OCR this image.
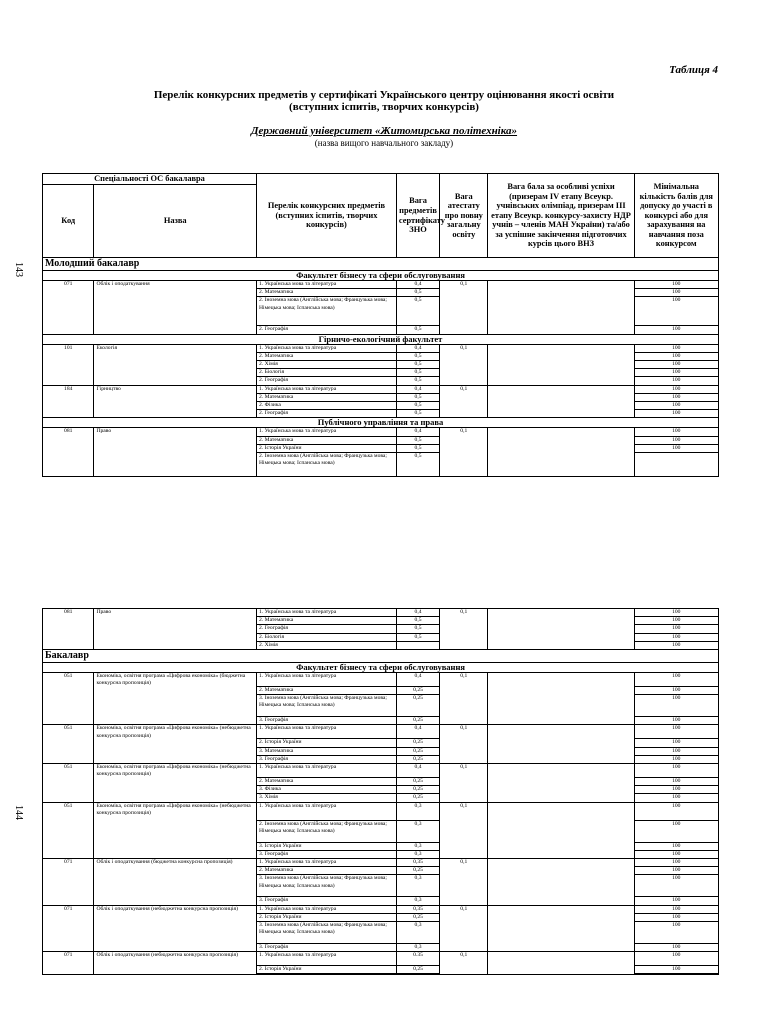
Таблиця 4
Перелік конкурсних предметів у сертифікаті Українського центру оцінювання якості освіти
(вступних іспитів, творчих конкурсів)
Державний університет «Житомирська політехніка»
(назва вищого навчального закладу)
143
144
Спеціальності ОС бакалавра		Перелік конкурсних предметів (вступних іспитів, творчих конкурсів)	Вага предметів сертифікату ЗНО	Вага атестату про повну загальну освіту	Вага бала за особливі успіхи (призерам IV етапу Всеукр. учнівських олімпіад, призерам III етапу Всеукр. конкурсу-захисту НДР учнів – членів МАН України) та/або за успішне закінчення підготовчих курсів цього ВНЗ	Мінімальна кількість балів для допуску до участі в конкурсі або для зарахування на навчання поза конкурсом
Код	Назва					
Молодший бакалавр						
Факультет бізнесу та сфери обслуговування						
071	Облік і оподаткування	1. Українська мова та література	0,4	0,1		100
		2. Математика	0,5			100
		2. Іноземна мова (Англійська мова; Французька мова; Німецька мова; Іспанська мова)	0,5			100
		2. Географія	0,5			100
Гірничо-екологічний факультет						
101	Екологія	1. Українська мова та література	0,4	0,1		100
		2. Математика	0,5			100
		2. Хімія	0,5			100
		2. Біологія	0,5			100
		2. Географія	0,5			100
184	Гірництво	1. Українська мова та література	0,4	0,1		100
		2. Математика	0,5			100
		2. Фізика	0,5			100
		2. Географія	0,5			100
Публічного управління та права						
081	Право	1. Українська мова та література	0,4	0,1		100
		2. Математика	0,5			100
		2. Історія України	0,5			100
		2. Іноземна мова (Англійська мова; Французька мова; Німецька мова; Іспанська мова)	0,5			
081	Право	1. Українська мова та література	0,4	0,1		100
		2. Математика	0,5			100
		2. Географія	0,5			100
		2. Біологія	0,5			100
		2. Хімія				100
Бакалавр						
Факультет бізнесу та сфери обслуговування						
051	Економіка, освітня програма «Цифрова економіка» (бюджетна конкурсна пропозиція)	1. Українська мова та література	0,4	0,1		100
		2. Математика	0,25			100
		3. Іноземна мова (Англійська мова; Французька мова; Німецька мова; Іспанська мова)	0,25			100
		3. Географія	0,25			100
051	Економіка, освітня програма «Цифрова економіка» (небюджетна конкурсна пропозиція)	1. Українська мова та література	0,4	0,1		100
		2. Історія України	0,25			100
		3. Математика	0,25			100
		3. Географія	0,25			100
051	Економіка, освітня програма «Цифрова економіка» (небюджетна конкурсна пропозиція)	1. Українська мова та література	0,4	0,1		100
		2. Математика	0,25			100
		3. Фізика	0,25			100
		3. Хімія	0,25			100
051	Економіка, освітня програма «Цифрова економіка» (небюджетна конкурсна пропозиція)	1. Українська мова та література	0,3	0,1		100
		2. Іноземна мова (Англійська мова; Французька мова; Німецька мова; Іспанська мова)	0,3			100
		3. Історія України	0,3			100
		3. Географія	0,3			100
071	Облік і оподаткування (бюджетна конкурсна пропозиція)	1. Українська мова та література	0,35	0,1		100
		2. Математика	0,25			100
		3. Іноземна мова (Англійська мова; Французька мова; Німецька мова; Іспанська мова)	0,3			100
		3. Географія	0,3			100
071	Облік і оподаткування (небюджетна конкурсна пропозиція)	1. Українська мова та література	0,35	0,1		100
		2. Історія України	0,25			100
		3. Іноземна мова (Англійська мова; Французька мова; Німецька мова; Іспанська мова)	0,3			100
		3. Географія	0,3			100
071	Облік і оподаткування (небюджетна конкурсна пропозиція)	1. Українська мова та література	0.35	0,1		100
		2. Історія України	0,25			100
